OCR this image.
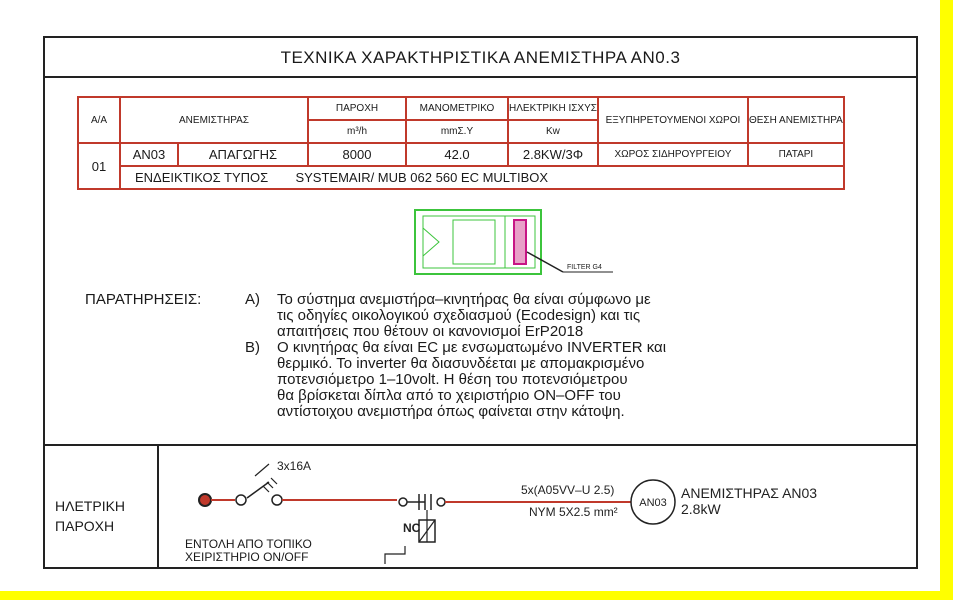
ΤΕΧΝΙΚΑ ΧΑΡΑΚΤΗΡΙΣΤΙΚΑ ΑΝΕΜΙΣΤΗΡΑ ΑΝ0.3
Α/Α	ΑΝΕΜΙΣΤΗΡΑΣ		ΠΑΡΟΧΗ	ΜΑΝΟΜΕΤΡΙΚΟ	ΗΛΕΚΤΡΙΚΗ ΙΣΧΥΣ	ΕΞΥΠΗΡΕΤΟΥΜΕΝΟΙ ΧΩΡΟΙ	ΘΕΣΗ ΑΝΕΜΙΣΤΗΡΑ
			m³/h	mmΣ.Υ	Kw		
01	ΑΝ03	ΑΠΑΓΩΓΗΣ	8000	42.0	2.8KW/3Φ	ΧΩΡΟΣ ΣΙΔΗΡΟΥΡΓΕΙΟΥ	ΠΑΤΑΡΙ
	ΕΝΔΕΙΚΤΙΚΟΣ ΤΥΠΟΣ SYSTEMAIR/ MUB 062 560 EC MULTIBOX						
FILTER G4
ΠΑΡΑΤΗΡΗΣΕΙΣ:	A) Το σύστημα ανεμιστήρα–κινητήρας θα είναι σύμφωνο με
τις οδηγίες οικολογικού σχεδιασμού (Ecodesign) και τις
απαιτήσεις που θέτουν οι κανονισμοί ErP2018
B) Ο κινητήρας θα είναι EC με ενσωματωμένο INVERTER και
θερμικό. Το inverter θα διασυνδέεται με απομακρισμένο
ποτενσιόμετρο 1–10volt. Η θέση του ποτενσιόμετρου
θα βρίσκεται δίπλα από το χειριστήριο ON–OFF του
αντίστοιχου ανεμιστήρα όπως φαίνεται στην κάτοψη.
ΗΛΕΤΡΙΚΗ
ΠΑΡΟΧΗ
3x16A
NC
5x(A05VV–U 2.5)
NYM 5X2.5 mm²
AN03
ΑΝΕΜΙΣΤΗΡΑΣ ΑΝ03
2.8kW
ΕΝΤΟΛΗ ΑΠΟ ΤΟΠΙΚΟ
ΧΕΙΡΙΣΤΗΡΙΟ ON/OFF
